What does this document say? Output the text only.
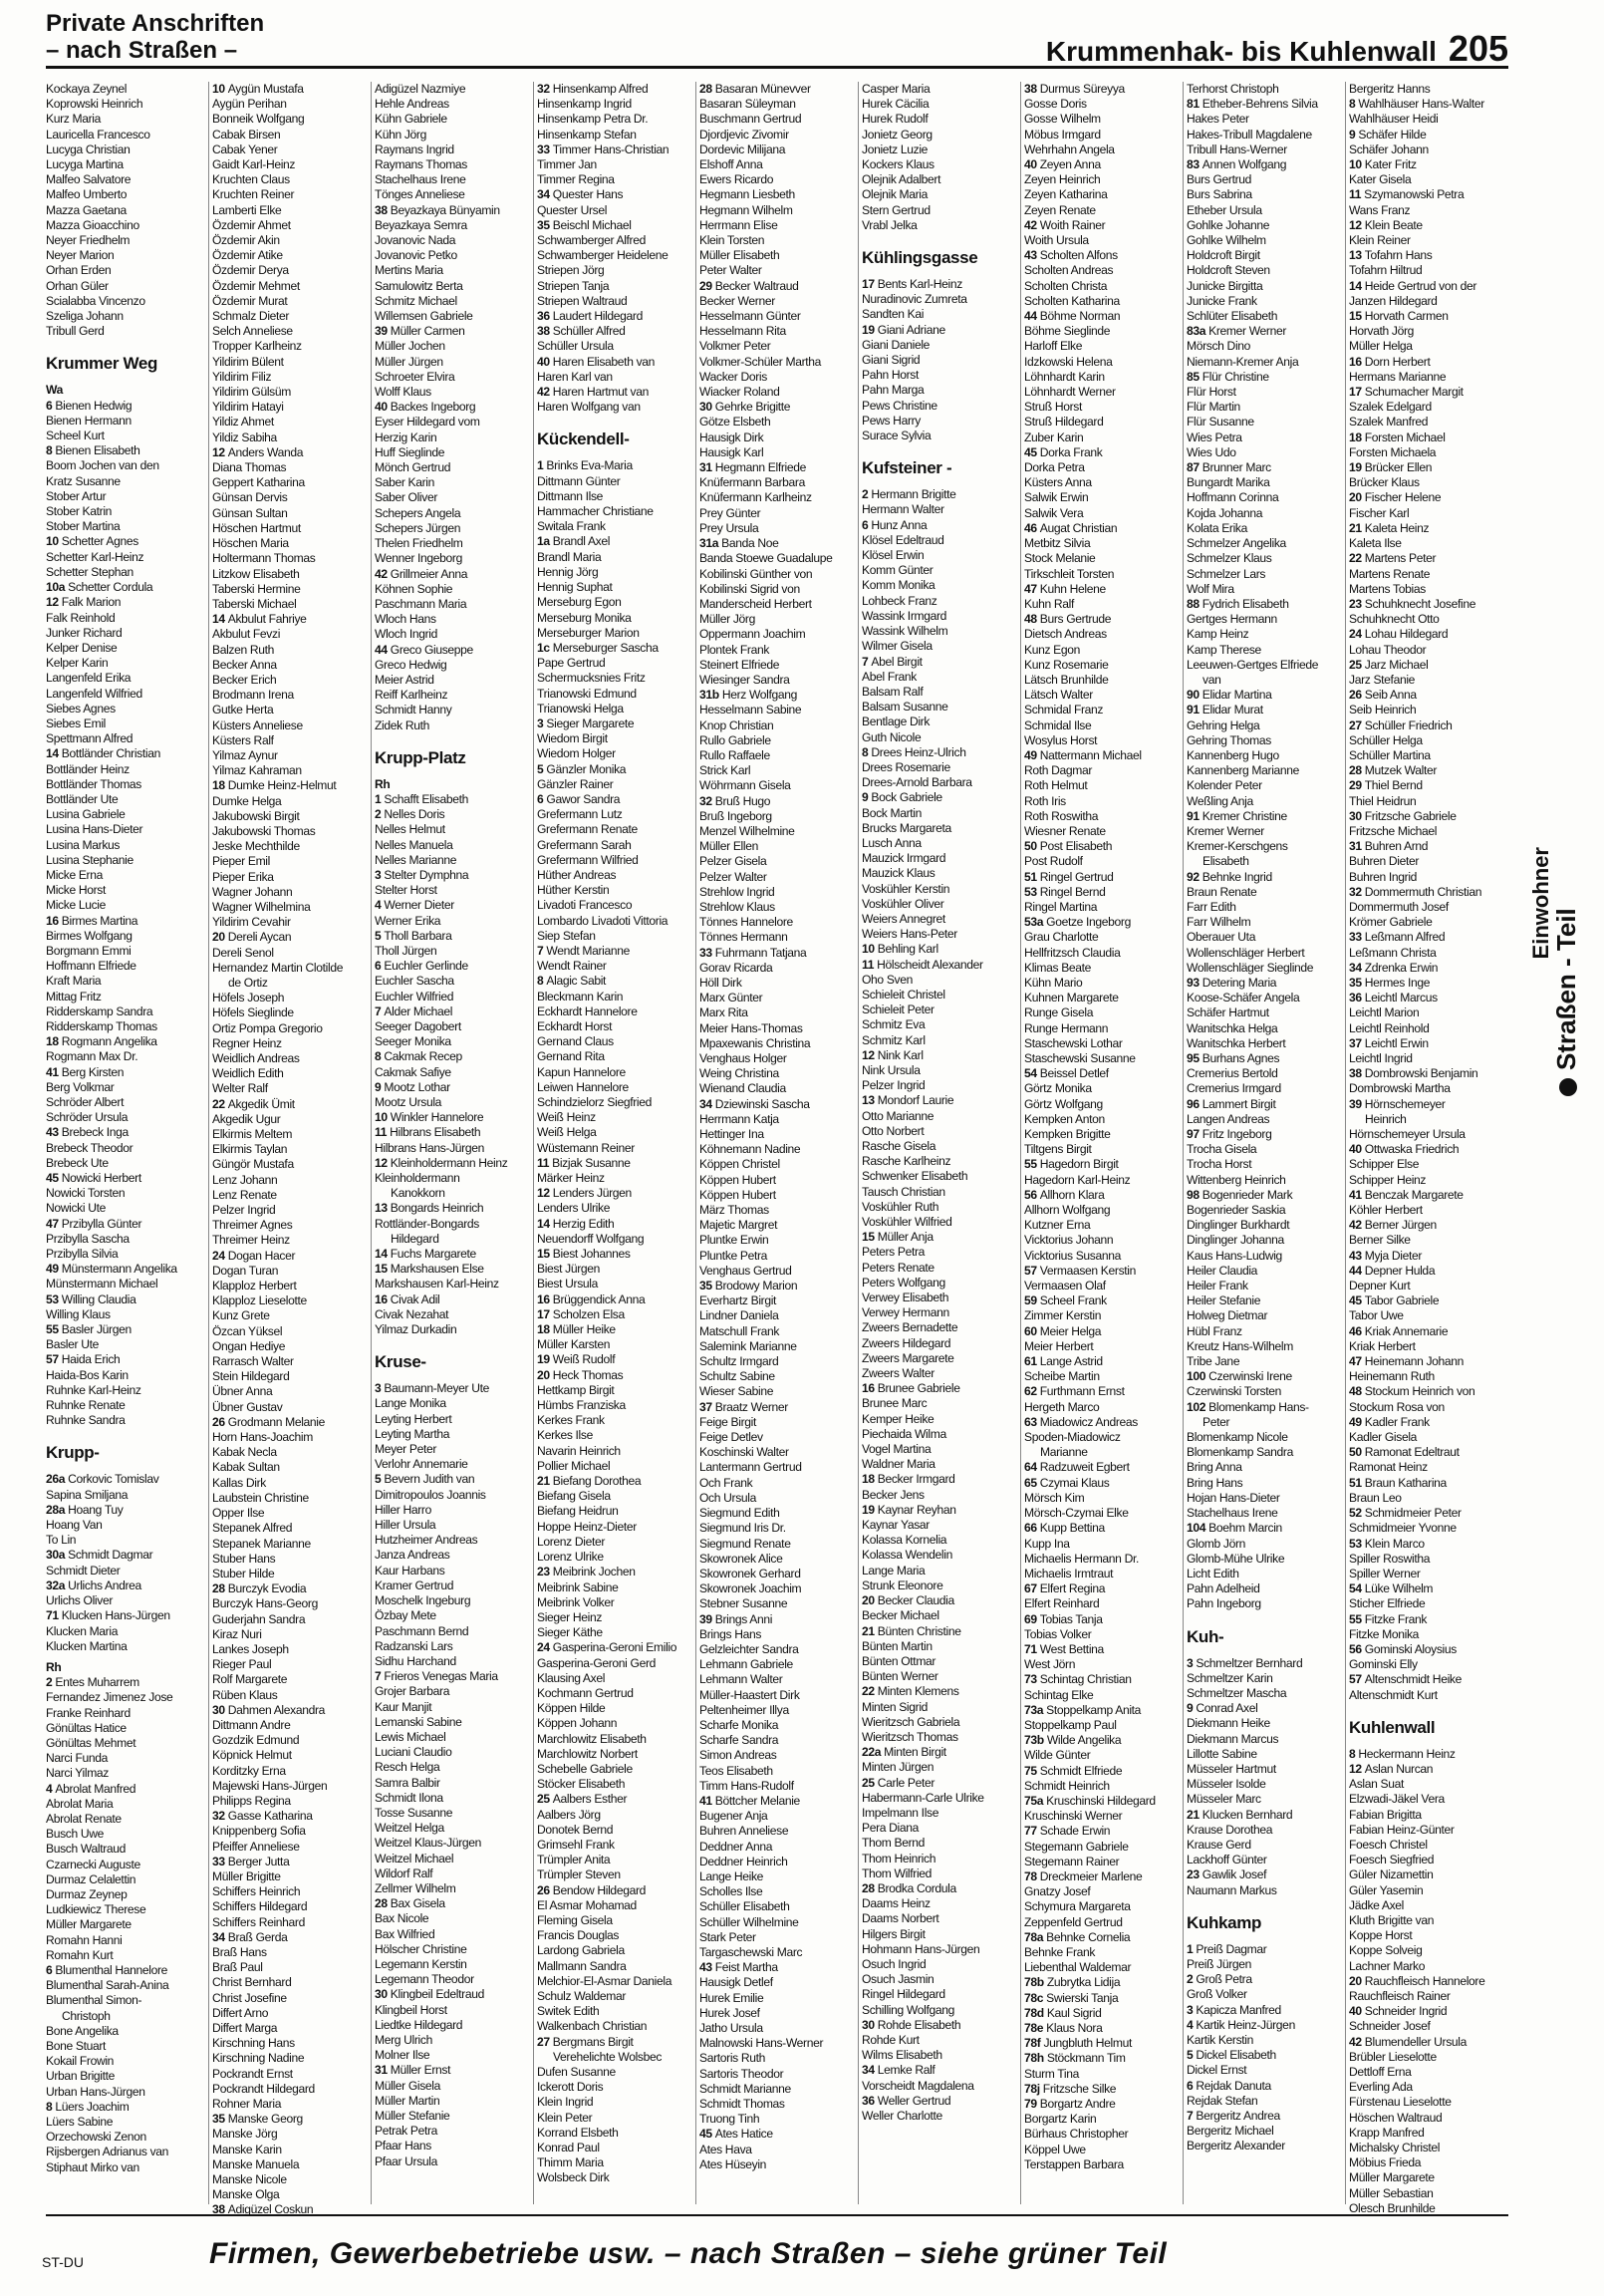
Private Anschriften
– nach Straßen –	Krummenhak- bis Kuhlenwall 205
Kockaya Zeynel
Koprowski Heinrich
Kurz Maria
Lauricella Francesco
Lucyga Christian
Lucyga Martina
Malfeo Salvatore
Malfeo Umberto
Mazza Gaetana
Mazza Gioacchino
Neyer Friedhelm
Neyer Marion
Orhan Erden
Orhan Güler
Scialabba Vincenzo
Szeliga Johann
Tribull Gerd
Krummer Weg
Wa
6 Bienen Hedwig
Bienen Hermann
Scheel Kurt
8 Bienen Elisabeth
Boom Jochen van den
Kratz Susanne
Stober Artur
Stober Katrin
Stober Martina
10 Schetter Agnes
Schetter Karl-Heinz
Schetter Stephan
10a Schetter Cordula
12 Falk Marion
Falk Reinhold
Junker Richard
Kelper Denise
Kelper Karin
Langenfeld Erika
Langenfeld Wilfried
Siebes Agnes
Siebes Emil
Spettmann Alfred
14 Bottländer Christian
Bottländer Heinz
Bottländer Thomas
Bottländer Ute
Lusina Gabriele
Lusina Hans-Dieter
Lusina Markus
Lusina Stephanie
Micke Erna
Micke Horst
Micke Lucie
16 Birmes Martina
Birmes Wolfgang
Borgmann Emmi
Hoffmann Elfriede
Kraft Maria
Mittag Fritz
Ridderskamp Sandra
Ridderskamp Thomas
18 Rogmann Angelika
Rogmann Max Dr.
41 Berg Kirsten
Berg Volkmar
Schröder Albert
Schröder Ursula
43 Brebeck Inga
Brebeck Theodor
Brebeck Ute
45 Nowicki Herbert
Nowicki Torsten
Nowicki Ute
47 Przibylla Günter
Przibylla Sascha
Przibylla Silvia
49 Münstermann Angelika
Münstermann Michael
53 Willing Claudia
Willing Klaus
55 Basler Jürgen
Basler Ute
57 Haida Erich
Haida-Bos Karin
Ruhnke Karl-Heinz
Ruhnke Renate
Ruhnke Sandra
Krupp-
26a Corkovic Tomislav
Sapina Smiljana
28a Hoang Tuy
Hoang Van
To Lin
30a Schmidt Dagmar
Schmidt Dieter
32a Urlichs Andrea
Urlichs Oliver
71 Klucken Hans-Jürgen
Klucken Maria
Klucken Martina
Rh
2 Entes Muharrem
Fernandez Jimenez Jose
Franke Reinhard
Gönültas Hatice
Gönültas Mehmet
Narci Funda
Narci Yilmaz
4 Abrolat Manfred
Abrolat Maria
Abrolat Renate
Busch Uwe
Busch Waltraud
Czarnecki Auguste
Durmaz Celalettin
Durmaz Zeynep
Ludkiewicz Therese
Müller Margarete
Romahn Hanni
Romahn Kurt
6 Blumenthal Hannelore
Blumenthal Sarah-Anina
Blumenthal Simon-
Christoph
Bone Angelika
Bone Stuart
Kokail Frowin
Urban Brigitte
Urban Hans-Jürgen
8 Lüers Joachim
Lüers Sabine
Orzechowski Zenon
Rijsbergen Adrianus van
Stiphaut Mirko van
10 Aygün Mustafa
Aygün Perihan
Bonneik Wolfgang
Cabak Birsen
Cabak Yener
Gaidt Karl-Heinz
Kruchten Claus
Kruchten Reiner
Lamberti Elke
Özdemir Ahmet
Özdemir Akin
Özdemir Atike
Özdemir Derya
Özdemir Mehmet
Özdemir Murat
Schmalz Dieter
Selch Anneliese
Tropper Karlheinz
Yildirim Bülent
Yildirim Filiz
Yildirim Gülsüm
Yildirim Hatayi
Yildiz Ahmet
Yildiz Sabiha
12 Anders Wanda
Diana Thomas
Geppert Katharina
Günsan Dervis
Günsan Sultan
Höschen Hartmut
Höschen Maria
Holtermann Thomas
Litzkow Elisabeth
Taberski Hermine
Taberski Michael
14 Akbulut Fahriye
Akbulut Fevzi
Balzen Ruth
Becker Anna
Becker Erich
Brodmann Irena
Gutke Herta
Küsters Anneliese
Küsters Ralf
Yilmaz Aynur
Yilmaz Kahraman
18 Dumke Heinz-Helmut
Dumke Helga
Jakubowski Birgit
Jakubowski Thomas
Jeske Mechthilde
Pieper Emil
Pieper Erika
Wagner Johann
Wagner Wilhelmina
Yildirim Cevahir
20 Dereli Aycan
Dereli Senol
Hernandez Martin Clotilde
de Ortiz
Höfels Joseph
Höfels Sieglinde
Ortiz Pompa Gregorio
Regner Heinz
Weidlich Andreas
Weidlich Edith
Welter Ralf
22 Akgedik Ümit
Akgedik Ugur
Elkirmis Meltem
Elkirmis Taylan
Güngör Mustafa
Lenz Johann
Lenz Renate
Pelzer Ingrid
Threimer Agnes
Threimer Heinz
24 Dogan Hacer
Dogan Turan
Klapploz Herbert
Klapploz Lieselotte
Kunz Grete
Özcan Yüksel
Ongan Hediye
Rarrasch Walter
Stein Hildegard
Übner Anna
Übner Gustav
26 Grodmann Melanie
Horn Hans-Joachim
Kabak Necla
Kabak Sultan
Kallas Dirk
Laubstein Christine
Opper Ilse
Stepanek Alfred
Stepanek Marianne
Stuber Hans
Stuber Hilde
28 Burczyk Evodia
Burczyk Hans-Georg
Guderjahn Sandra
Kiraz Nuri
Lankes Joseph
Rieger Paul
Rolf Margarete
Rüben Klaus
30 Dahmen Alexandra
Dittmann Andre
Gozdzik Edmund
Köpnick Helmut
Korditzky Erna
Majewski Hans-Jürgen
Philipps Regina
32 Gasse Katharina
Knippenberg Sofia
Pfeiffer Anneliese
33 Berger Jutta
Müller Brigitte
Schiffers Heinrich
Schiffers Hildegard
Schiffers Reinhard
34 Braß Gerda
Braß Hans
Braß Paul
Christ Bernhard
Christ Josefine
Differt Arno
Differt Marga
Kirschning Hans
Kirschning Nadine
Pockrandt Ernst
Pockrandt Hildegard
Rohner Maria
35 Manske Georg
Manske Jörg
Manske Karin
Manske Manuela
Manske Nicole
Manske Olga
38 Adigüzel Coskun
Adigüzel Nazmiye
Hehle Andreas
Kühn Gabriele
Kühn Jörg
Raymans Ingrid
Raymans Thomas
Stachelhaus Irene
Tönges Anneliese
38 Beyazkaya Bünyamin
Beyazkaya Semra
Jovanovic Nada
Jovanovic Petko
Mertins Maria
Samulowitz Berta
Schmitz Michael
Willemsen Gabriele
39 Müller Carmen
Müller Jochen
Müller Jürgen
Schroeter Elvira
Wolff Klaus
40 Backes Ingeborg
Eyser Hildegard vom
Herzig Karin
Huff Sieglinde
Mönch Gertrud
Saber Karin
Saber Oliver
Schepers Angela
Schepers Jürgen
Thelen Friedhelm
Wenner Ingeborg
42 Grillmeier Anna
Köhnen Sophie
Paschmann Maria
Wloch Hans
Wloch Ingrid
44 Greco Giuseppe
Greco Hedwig
Meier Astrid
Reiff Karlheinz
Schmidt Hanny
Zidek Ruth
Krupp-Platz
Rh
1 Schafft Elisabeth
2 Nelles Doris
Nelles Helmut
Nelles Manuela
Nelles Marianne
3 Stelter Dymphna
Stelter Horst
4 Werner Dieter
Werner Erika
5 Tholl Barbara
Tholl Jürgen
6 Euchler Gerlinde
Euchler Sascha
Euchler Wilfried
7 Alder Michael
Seeger Dagobert
Seeger Monika
8 Cakmak Recep
Cakmak Safiye
9 Mootz Lothar
Mootz Ursula
10 Winkler Hannelore
11 Hilbrans Elisabeth
Hilbrans Hans-Jürgen
12 Kleinholdermann Heinz
Kleinholdermann
Kanokkorn
13 Bongards Heinrich
Rottländer-Bongards
Hildegard
14 Fuchs Margarete
15 Markshausen Else
Markshausen Karl-Heinz
16 Civak Adil
Civak Nezahat
Yilmaz Durkadin
Kruse-
3 Baumann-Meyer Ute
Lange Monika
Leyting Herbert
Leyting Martha
Meyer Peter
Verlohr Annemarie
5 Bevern Judith van
Dimitropoulos Joannis
Hiller Harro
Hiller Ursula
Hutzheimer Andreas
Janza Andreas
Kaur Harbans
Kramer Gertrud
Moschelk Ingeburg
Özbay Mete
Paschmann Bernd
Radzanski Lars
Sidhu Harchand
7 Frieros Venegas Maria
Grojer Barbara
Kaur Manjit
Lemanski Sabine
Lewis Michael
Luciani Claudio
Resch Helga
Samra Balbir
Schmidt Ilona
Tosse Susanne
Weitzel Helga
Weitzel Klaus-Jürgen
Weitzel Michael
Wildorf Ralf
Zellmer Wilhelm
28 Bax Gisela
Bax Nicole
Bax Wilfried
Hölscher Christine
Legemann Kerstin
Legemann Theodor
30 Klingbeil Edeltraud
Klingbeil Horst
Liedtke Hildegard
Merg Ulrich
Molner Ilse
31 Müller Ernst
Müller Gisela
Müller Martin
Müller Stefanie
Petrak Petra
Pfaar Hans
Pfaar Ursula
32 Hinsenkamp Alfred
Hinsenkamp Ingrid
Hinsenkamp Petra Dr.
Hinsenkamp Stefan
33 Timmer Hans-Christian
Timmer Jan
Timmer Regina
34 Quester Hans
Quester Ursel
35 Beischl Michael
Schwamberger Alfred
Schwamberger Heidelene
Striepen Jörg
Striepen Tanja
Striepen Waltraud
36 Laudert Hildegard
38 Schüller Alfred
Schüller Ursula
40 Haren Elisabeth van
Haren Karl van
42 Haren Hartmut van
Haren Wolfgang van
Kückendell-
1 Brinks Eva-Maria
Dittmann Günter
Dittmann Ilse
Hammacher Christiane
Switala Frank
1a Brandl Axel
Brandl Maria
Hennig Jörg
Hennig Suphat
Merseburg Egon
Merseburg Monika
Merseburger Marion
1c Merseburger Sascha
Pape Gertrud
Schermucksnies Fritz
Trianowski Edmund
Trianowski Helga
3 Sieger Margarete
Wiedom Birgit
Wiedom Holger
5 Gänzler Monika
Gänzler Rainer
6 Gawor Sandra
Grefermann Lutz
Grefermann Renate
Grefermann Sarah
Grefermann Wilfried
Hüther Andreas
Hüther Kerstin
Livadoti Francesco
Lombardo Livadoti Vittoria
Siep Stefan
7 Wendt Marianne
Wendt Rainer
8 Alagic Sabit
Bleckmann Karin
Eckhardt Hannelore
Eckhardt Horst
Gernand Claus
Gernand Rita
Kapun Hannelore
Leiwen Hannelore
Schindzielorz Siegfried
Weiß Heinz
Weiß Helga
Wüstemann Reiner
11 Bizjak Susanne
Märker Heinz
12 Lenders Jürgen
Lenders Ulrike
14 Herzig Edith
Neuendorff Wolfgang
15 Biest Johannes
Biest Jürgen
Biest Ursula
16 Brüggendick Anna
17 Scholzen Elsa
18 Müller Heike
Müller Karsten
19 Weiß Rudolf
20 Heck Thomas
Hettkamp Birgit
Hümbs Franziska
Kerkes Frank
Kerkes Ilse
Navarin Heinrich
Pollier Michael
21 Biefang Dorothea
Biefang Gisela
Biefang Heidrun
Hoppe Heinz-Dieter
Lorenz Dieter
Lorenz Ulrike
23 Meibrink Jochen
Meibrink Sabine
Meibrink Volker
Sieger Heinz
Sieger Käthe
24 Gasperina-Geroni Emilio
Gasperina-Geroni Gerd
Klausing Axel
Kochmann Gertrud
Köppen Hilde
Köppen Johann
Marchlowitz Elisabeth
Marchlowitz Norbert
Schebelle Gabriele
Stöcker Elisabeth
25 Aalbers Esther
Aalbers Jörg
Donotek Bernd
Grimsehl Frank
Trümpler Anita
Trümpler Steven
26 Bendow Hildegard
El Asmar Mohamad
Fleming Gisela
Francis Douglas
Lardong Gabriela
Mallmann Sandra
Melchior-El-Asmar Daniela
Schulz Waldemar
Switek Edith
Walkenbach Christian
27 Bergmans Birgit
Verehelichte Wolsbec
Dufen Susanne
Ickerott Doris
Klein Ingrid
Klein Peter
Korrand Elsbeth
Konrad Paul
Thimm Maria
Wolsbeck Dirk
28 Basaran Münevver
Basaran Süleyman
Buschmann Gertrud
Djordjevic Zivomir
Dordevic Milijana
Elshoff Anna
Ewers Ricardo
Hegmann Liesbeth
Hegmann Wilhelm
Herrmann Elise
Klein Torsten
Müller Elisabeth
Peter Walter
29 Becker Waltraud
Becker Werner
Hesselmann Günter
Hesselmann Rita
Volkmer Peter
Volkmer-Schüler Martha
Wacker Doris
Wiacker Roland
30 Gehrke Brigitte
Götze Elsbeth
Hausigk Dirk
Hausigk Karl
31 Hegmann Elfriede
Knüfermann Barbara
Knüfermann Karlheinz
Prey Günter
Prey Ursula
31a Banda Noe
Banda Stoewe Guadalupe
Kobilinski Günther von
Kobilinski Sigrid von
Manderscheid Herbert
Müller Jörg
Oppermann Joachim
Plontek Frank
Steinert Elfriede
Wiesinger Sandra
31b Herz Wolfgang
Hesselmann Sabine
Knop Christian
Rullo Gabriele
Rullo Raffaele
Strick Karl
Wöhrmann Gisela
32 Bruß Hugo
Bruß Ingeborg
Menzel Wilhelmine
Müller Ellen
Pelzer Gisela
Pelzer Walter
Strehlow Ingrid
Strehlow Klaus
Tönnes Hannelore
Tönnes Hermann
33 Fuhrmann Tatjana
Gorav Ricarda
Höll Dirk
Marx Günter
Marx Rita
Meier Hans-Thomas
Mpaxewanis Christina
Venghaus Holger
Weing Christina
Wienand Claudia
34 Dziewinski Sascha
Herrmann Katja
Hettinger Ina
Köhnemann Nadine
Köppen Christel
Köppen Hubert
Köppen Hubert
März Thomas
Majetic Margret
Pluntke Erwin
Pluntke Petra
Venghaus Gertrud
35 Brodowy Marion
Everhartz Birgit
Lindner Daniela
Matschull Frank
Salemink Marianne
Schultz Irmgard
Schultz Sabine
Wieser Sabine
37 Braatz Werner
Feige Birgit
Feige Detlev
Koschinski Walter
Lantermann Gertrud
Och Frank
Och Ursula
Siegmund Edith
Siegmund Iris Dr.
Siegmund Renate
Skowronek Alice
Skowronek Gerhard
Skowronek Joachim
Stebner Susanne
39 Brings Anni
Brings Hans
Gelzleichter Sandra
Lehmann Gabriele
Lehmann Walter
Müller-Haastert Dirk
Peltenheimer Illya
Scharfe Monika
Scharfe Sandra
Simon Andreas
Teos Elisabeth
Timm Hans-Rudolf
41 Böttcher Melanie
Bugener Anja
Buhren Anneliese
Deddner Anna
Deddner Heinrich
Lange Heike
Scholles Ilse
Schüller Elisabeth
Schüller Wilhelmine
Stark Peter
Targaschewski Marc
43 Feist Martha
Hausigk Detlef
Hurek Emilie
Hurek Josef
Jatho Ursula
Malnowski Hans-Werner
Sartoris Ruth
Sartoris Theodor
Schmidt Marianne
Schmidt Thomas
Truong Tinh
45 Ates Hatice
Ates Hava
Ates Hüseyin
Casper Maria
Hurek Cäcilia
Hurek Rudolf
Jonietz Georg
Jonietz Luzie
Kockers Klaus
Olejnik Adalbert
Olejnik Maria
Stern Gertrud
Vrabl Jelka
Kühlingsgasse
17 Bents Karl-Heinz
Nuradinovic Zumreta
Sandten Kai
19 Giani Adriane
Giani Daniele
Giani Sigrid
Pahn Horst
Pahn Marga
Pews Christine
Pews Harry
Surace Sylvia
Kufsteiner -
2 Hermann Brigitte
Hermann Walter
6 Hunz Anna
Klösel Edeltraud
Klösel Erwin
Komm Günter
Komm Monika
Lohbeck Franz
Wassink Irmgard
Wassink Wilhelm
Wilmer Gisela
7 Abel Birgit
Abel Frank
Balsam Ralf
Balsam Susanne
Bentlage Dirk
Guth Nicole
8 Drees Heinz-Ulrich
Drees Rosemarie
Drees-Arnold Barbara
9 Bock Gabriele
Bock Martin
Brucks Margareta
Lusch Anna
Mauzick Irmgard
Mauzick Klaus
Voskühler Kerstin
Voskühler Oliver
Weiers Annegret
Weiers Hans-Peter
10 Behling Karl
11 Hölscheidt Alexander
Oho Sven
Schieleit Christel
Schieleit Peter
Schmitz Eva
Schmitz Karl
12 Nink Karl
Nink Ursula
Pelzer Ingrid
13 Mondorf Laurie
Otto Marianne
Otto Norbert
Rasche Gisela
Rasche Karlheinz
Schwenker Elisabeth
Tausch Christian
Voskühler Ruth
Voskühler Wilfried
15 Müller Anja
Peters Petra
Peters Renate
Peters Wolfgang
Verwey Elisabeth
Verwey Hermann
Zweers Bernadette
Zweers Hildegard
Zweers Margarete
Zweers Walter
16 Brunee Gabriele
Brunee Marc
Kemper Heike
Piechaida Wilma
Vogel Martina
Waldner Maria
18 Becker Irmgard
Becker Jens
19 Kaynar Reyhan
Kaynar Yasar
Kolassa Kornelia
Kolassa Wendelin
Lange Maria
Strunk Eleonore
20 Becker Claudia
Becker Michael
21 Bünten Christine
Bünten Martin
Bünten Ottmar
Bünten Werner
22 Minten Klemens
Minten Sigrid
Wieritzsch Gabriela
Wieritzsch Thomas
22a Minten Birgit
Minten Jürgen
25 Carle Peter
Habermann-Carle Ulrike
Impelmann Ilse
Pera Diana
Thom Bernd
Thom Heinrich
Thom Wilfried
28 Brodka Cordula
Daams Heinz
Daams Norbert
Hilgers Birgit
Hohmann Hans-Jürgen
Osuch Ingrid
Osuch Jasmin
Ringel Hildegard
Schilling Wolfgang
30 Rohde Elisabeth
Rohde Kurt
Wilms Elisabeth
34 Lemke Ralf
Vorscheidt Magdalena
36 Weller Gertrud
Weller Charlotte
38 Durmus Süreyya
Gosse Doris
Gosse Wilhelm
Möbus Irmgard
Wehrhahn Angela
40 Zeyen Anna
Zeyen Heinrich
Zeyen Katharina
Zeyen Renate
42 Woith Rainer
Woith Ursula
43 Scholten Alfons
Scholten Andreas
Scholten Christa
Scholten Katharina
44 Böhme Norman
Böhme Sieglinde
Harloff Elke
Idzkowski Helena
Löhnhardt Karin
Löhnhardt Werner
Struß Horst
Struß Hildegard
Zuber Karin
45 Dorka Frank
Dorka Petra
Küsters Anna
Salwik Erwin
Salwik Vera
46 Augat Christian
Metbitz Silvia
Stock Melanie
Tirkschleit Torsten
47 Kuhn Helene
Kuhn Ralf
48 Burs Gertrude
Dietsch Andreas
Kunz Egon
Kunz Rosemarie
Lätsch Brunhilde
Lätsch Walter
Schmidal Franz
Schmidal Ilse
Wosylus Horst
49 Nattermann Michael
Roth Dagmar
Roth Helmut
Roth Iris
Roth Roswitha
Wiesner Renate
50 Post Elisabeth
Post Rudolf
51 Ringel Gertrud
53 Ringel Bernd
Ringel Martina
53a Goetze Ingeborg
Grau Charlotte
Hellfritzsch Claudia
Klimas Beate
Kühn Mario
Kuhnen Margarete
Runge Gisela
Runge Hermann
Staschewski Lothar
Staschewski Susanne
54 Beissel Detlef
Görtz Monika
Görtz Wolfgang
Kempken Anton
Kempken Brigitte
Tiltgens Birgit
55 Hagedorn Birgit
Hagedorn Karl-Heinz
56 Allhorn Klara
Allhorn Wolfgang
Kutzner Erna
Vicktorius Johann
Vicktorius Susanna
57 Vermaasen Kerstin
Vermaasen Olaf
59 Scheel Frank
Zimmer Kerstin
60 Meier Helga
Meier Herbert
61 Lange Astrid
Scheibe Martin
62 Furthmann Ernst
Hergeth Marco
63 Miadowicz Andreas
Spoden-Miadowicz
Marianne
64 Radzuweit Egbert
65 Czymai Klaus
Mörsch Kim
Mörsch-Czymai Elke
66 Kupp Bettina
Kupp Ina
Michaelis Hermann Dr.
Michaelis Irmtraut
67 Elfert Regina
Elfert Reinhard
69 Tobias Tanja
Tobias Volker
71 West Bettina
West Jörn
73 Schintag Christian
Schintag Elke
73a Stoppelkamp Anita
Stoppelkamp Paul
73b Wilde Angelika
Wilde Günter
75 Schmidt Elfriede
Schmidt Heinrich
75a Kruschinski Hildegard
Kruschinski Werner
77 Schade Erwin
Stegemann Gabriele
Stegemann Rainer
78 Dreckmeier Marlene
Gnatzy Josef
Schymura Margareta
Zeppenfeld Gertrud
78a Behnke Cornelia
Behnke Frank
Liebenthal Waldemar
78b Zubrytka Lidija
78c Swierski Tanja
78d Kaul Sigrid
78e Klaus Nora
78f Jungbluth Helmut
78h Stöckmann Tim
Sturm Tina
78j Fritzsche Silke
79 Borgartz Andre
Borgartz Karin
Bürhaus Christopher
Köppel Uwe
Terstappen Barbara
Terhorst Christoph
81 Etheber-Behrens Silvia
Hakes Peter
Hakes-Tribull Magdalene
Tribull Hans-Werner
83 Annen Wolfgang
Burs Gertrud
Burs Sabrina
Etheber Ursula
Gohlke Johanne
Gohlke Wilhelm
Holdcroft Birgit
Holdcroft Steven
Junicke Birgitta
Junicke Frank
Schlüter Elisabeth
83a Kremer Werner
Mörsch Dino
Niemann-Kremer Anja
85 Flür Christine
Flür Horst
Flür Martin
Flür Susanne
Wies Petra
Wies Udo
87 Brunner Marc
Bungardt Marika
Hoffmann Corinna
Kojda Johanna
Kolata Erika
Schmelzer Angelika
Schmelzer Klaus
Schmelzer Lars
Wolf Mira
88 Fydrich Elisabeth
Gertges Hermann
Kamp Heinz
Kamp Therese
Leeuwen-Gertges Elfriede
van
90 Elidar Martina
91 Elidar Murat
Gehring Helga
Gehring Thomas
Kannenberg Hugo
Kannenberg Marianne
Kolender Peter
Weßling Anja
91 Kremer Christine
Kremer Werner
Kremer-Kerschgens
Elisabeth
92 Behnke Ingrid
Braun Renate
Farr Edith
Farr Wilhelm
Oberauer Uta
Wollenschläger Herbert
Wollenschläger Sieglinde
93 Detering Maria
Koose-Schäfer Angela
Schäfer Hartmut
Wanitschka Helga
Wanitschka Herbert
95 Burhans Agnes
Cremerius Bertold
Cremerius Irmgard
96 Lammert Birgit
Langen Andreas
97 Fritz Ingeborg
Trocha Gisela
Trocha Horst
Wittenberg Heinrich
98 Bogenrieder Mark
Bogenrieder Saskia
Dinglinger Burkhardt
Dinglinger Johanna
Kaus Hans-Ludwig
Heiler Claudia
Heiler Frank
Heiler Stefanie
Holweg Dietmar
Hübl Franz
Kreutz Hans-Wilhelm
Tribe Jane
100 Czerwinski Irene
Czerwinski Torsten
102 Blomenkamp Hans-
Peter
Blomenkamp Nicole
Blomenkamp Sandra
Bring Anna
Bring Hans
Hojan Hans-Dieter
Stachelhaus Irene
104 Boehm Marcin
Glomb Jörn
Glomb-Mühe Ulrike
Licht Edith
Pahn Adelheid
Pahn Ingeborg
Kuh-
3 Schmeltzer Bernhard
Schmeltzer Karin
Schmeltzer Mascha
9 Conrad Axel
Diekmann Heike
Diekmann Marcus
Lillotte Sabine
Müsseler Hartmut
Müsseler Isolde
Müsseler Marc
21 Klucken Bernhard
Krause Dorothea
Krause Gerd
Lackhoff Günter
23 Gawlik Josef
Naumann Markus
Kuhkamp
1 Preiß Dagmar
Preiß Jürgen
2 Groß Petra
Groß Volker
3 Kapicza Manfred
4 Kartik Heinz-Jürgen
Kartik Kerstin
5 Dickel Elisabeth
Dickel Ernst
6 Rejdak Danuta
Rejdak Stefan
7 Bergeritz Andrea
Bergeritz Michael
Bergeritz Alexander
Bergeritz Hanns
8 Wahlhäuser Hans-Walter
Wahlhäuser Heidi
9 Schäfer Hilde
Schäfer Johann
10 Kater Fritz
Kater Gisela
11 Szymanowski Petra
Wans Franz
12 Klein Beate
Klein Reiner
13 Tofahrn Hans
Tofahrn Hiltrud
14 Heide Gertrud von der
Janzen Hildegard
15 Horvath Carmen
Horvath Jörg
Müller Helga
16 Dorn Herbert
Hermans Marianne
17 Schumacher Margit
Szalek Edelgard
Szalek Manfred
18 Forsten Michael
Forsten Michaela
19 Brücker Ellen
Brücker Klaus
20 Fischer Helene
Fischer Karl
21 Kaleta Heinz
Kaleta Ilse
22 Martens Peter
Martens Renate
Martens Tobias
23 Schuhknecht Josefine
Schuhknecht Otto
24 Lohau Hildegard
Lohau Theodor
25 Jarz Michael
Jarz Stefanie
26 Seib Anna
Seib Heinrich
27 Schüller Friedrich
Schüller Helga
Schüller Martina
28 Mutzek Walter
29 Thiel Bernd
Thiel Heidrun
30 Fritzsche Gabriele
Fritzsche Michael
31 Buhren Arnd
Buhren Dieter
Buhren Ingrid
32 Dommermuth Christian
Dommermuth Josef
Krömer Gabriele
33 Leßmann Alfred
Leßmann Christa
34 Zdrenka Erwin
35 Hermes Inge
36 Leichtl Marcus
Leichtl Marion
Leichtl Reinhold
37 Leichtl Erwin
Leichtl Ingrid
38 Dombrowski Benjamin
Dombrowski Martha
39 Hörnschemeyer
Heinrich
Hörnschemeyer Ursula
40 Ottwaska Friedrich
Schipper Else
Schipper Heinz
41 Benczak Margarete
Köhler Herbert
42 Berner Jürgen
Berner Silke
43 Myja Dieter
44 Depner Hulda
Depner Kurt
45 Tabor Gabriele
Tabor Uwe
46 Kriak Annemarie
Kriak Herbert
47 Heinemann Johann
Heinemann Ruth
48 Stockum Heinrich von
Stockum Rosa von
49 Kadler Frank
Kadler Gisela
50 Ramonat Edeltraut
Ramonat Heinz
51 Braun Katharina
Braun Leo
52 Schmidmeier Peter
Schmidmeier Yvonne
53 Klein Marco
Spiller Roswitha
Spiller Werner
54 Lüke Wilhelm
Sticher Elfriede
55 Fitzke Frank
Fitzke Monika
56 Gominski Aloysius
Gominski Elly
57 Altenschmidt Heike
Altenschmidt Kurt
Kuhlenwall
8 Heckermann Heinz
12 Aslan Nurcan
Aslan Suat
Elzwadi-Jäkel Vera
Fabian Brigitta
Fabian Heinz-Günter
Foesch Christel
Foesch Siegfried
Güler Nizamettin
Güler Yasemin
Jädke Axel
Kluth Brigitte van
Koppe Horst
Koppe Solveig
Lachner Marko
20 Rauchfleisch Hannelore
Rauchfleisch Rainer
40 Schneider Ingrid
Schneider Josef
42 Blumendeller Ursula
Brübler Lieselotte
Dettloff Erna
Everling Ada
Fürstenau Lieselotte
Höschen Waltraud
Krapp Manfred
Michalsky Christel
Möbius Frieda
Müller Margarete
Müller Sebastian
Olesch Brunhilde
Einwohner
Straßen - Teil
ST-DU	Firmen, Gewerbebetriebe usw. – nach Straßen – siehe grüner Teil
